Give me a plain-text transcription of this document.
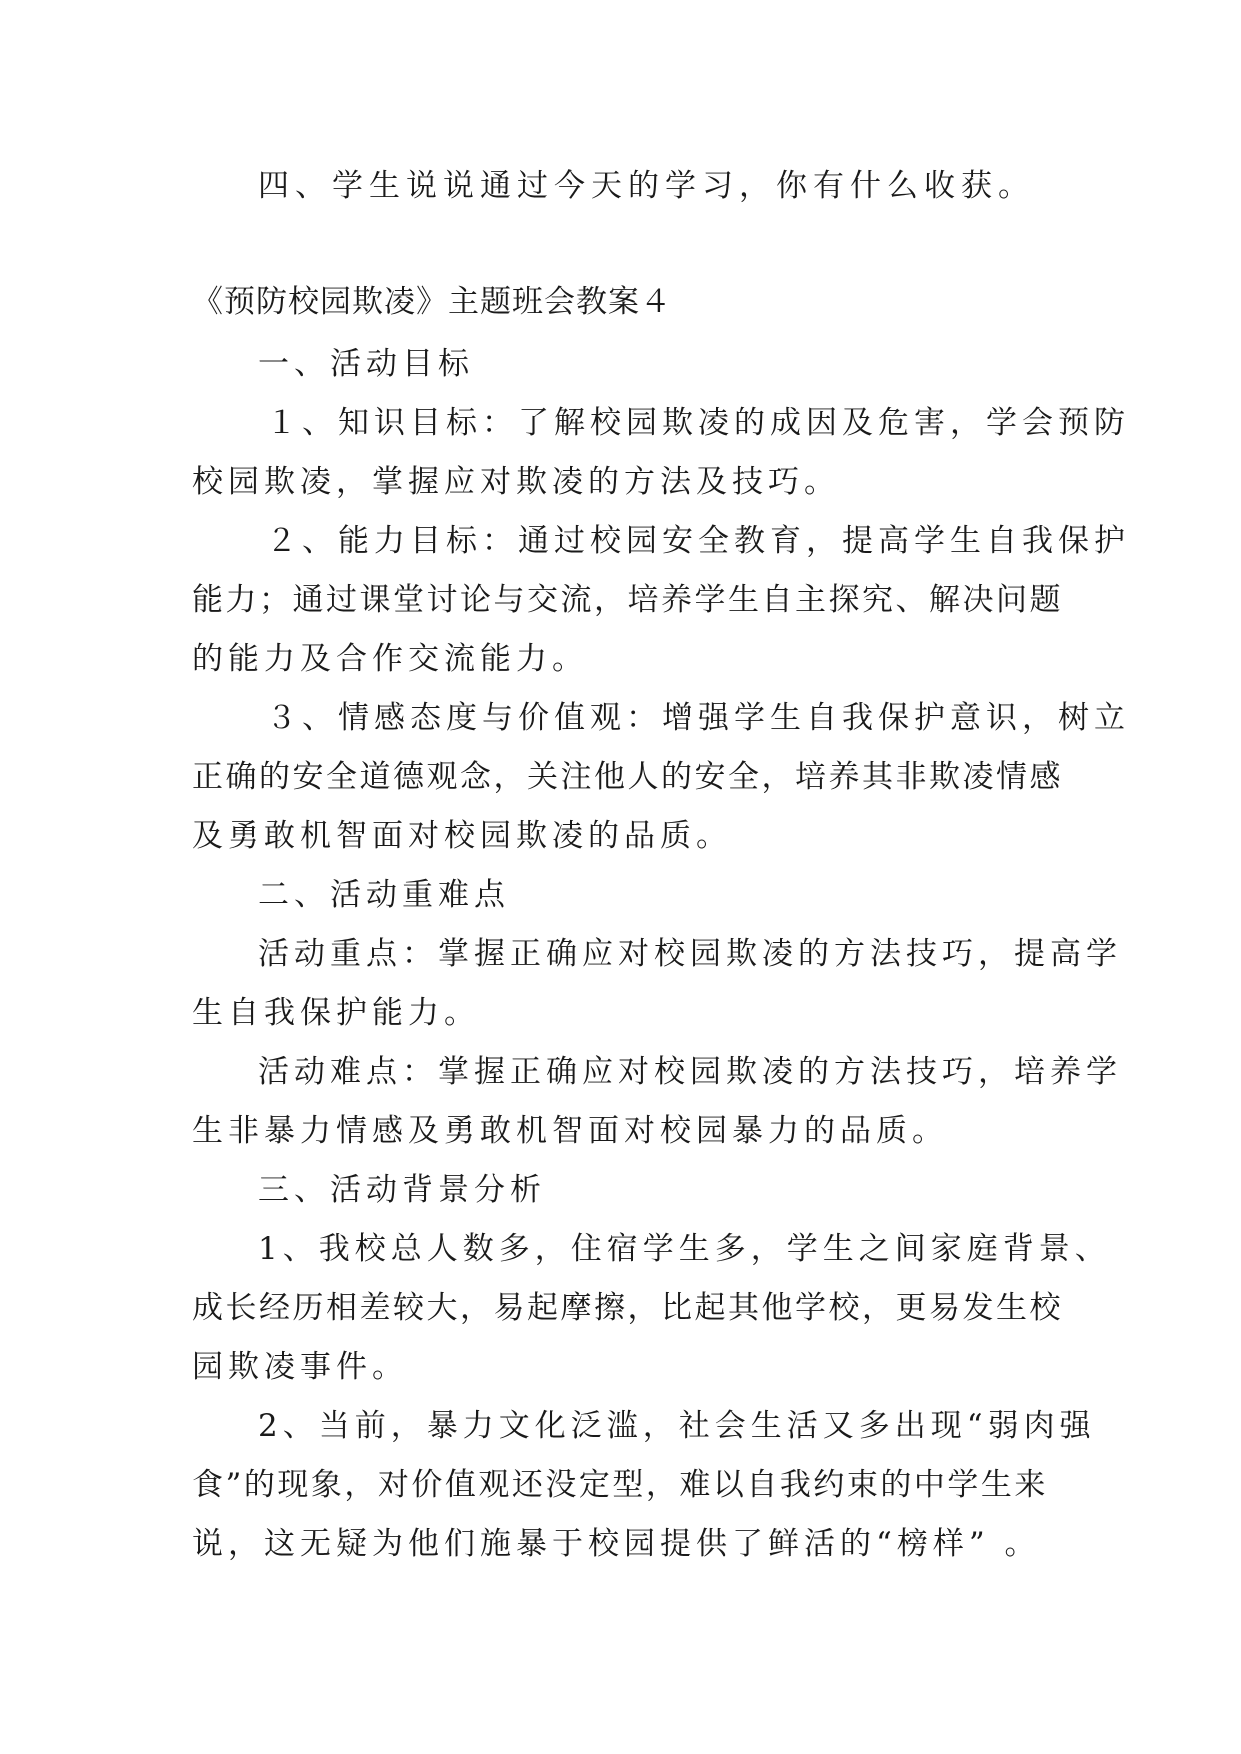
四、学生说说通过今天的学习，你有什么收获。
《预防校园欺凌》主题班会教案４
一、活动目标
１、知识目标：了解校园欺凌的成因及危害，学会预防
校园欺凌，掌握应对欺凌的方法及技巧。
２、能力目标：通过校园安全教育，提高学生自我保护
能力；通过课堂讨论与交流，培养学生自主探究、解决问题
的能力及合作交流能力。
３、情感态度与价值观：增强学生自我保护意识，树立
正确的安全道德观念，关注他人的安全，培养其非欺凌情感
及勇敢机智面对校园欺凌的品质。
二、活动重难点
活动重点：掌握正确应对校园欺凌的方法技巧，提高学
生自我保护能力。
活动难点：掌握正确应对校园欺凌的方法技巧，培养学
生非暴力情感及勇敢机智面对校园暴力的品质。
三、活动背景分析
1、我校总人数多，住宿学生多，学生之间家庭背景、
成长经历相差较大，易起摩擦，比起其他学校，更易发生校
园欺凌事件。
2、当前，暴力文化泛滥，社会生活又多出现“弱肉强
食”的现象，对价值观还没定型，难以自我约束的中学生来
说，这无疑为他们施暴于校园提供了鲜活的“榜样” 。
